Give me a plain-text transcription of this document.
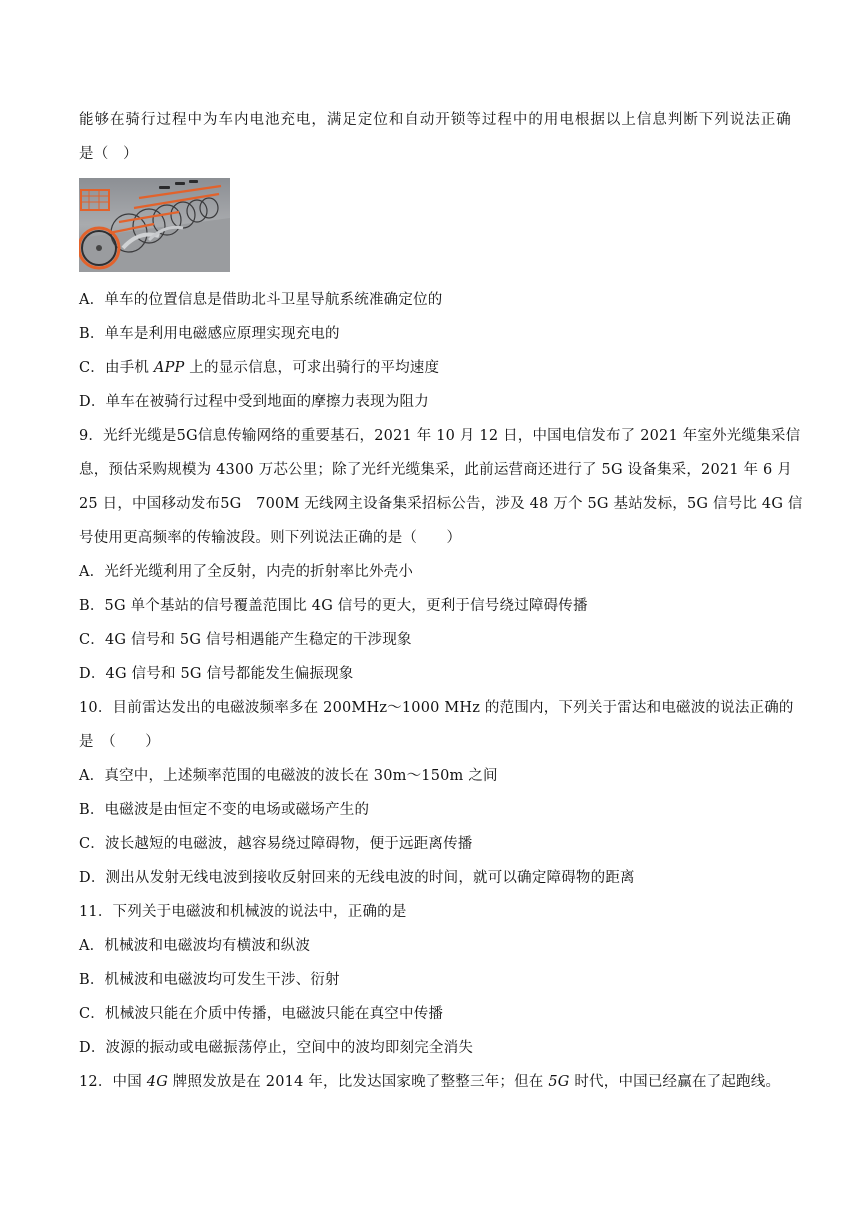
能够在骑行过程中为车内电池充电，满足定位和自动开锁等过程中的用电根据以上信息判断下列说法正确
是（　）
A．单车的位置信息是借助北斗卫星导航系统准确定位的
B．单车是利用电磁感应原理实现充电的
C．由手机 APP 上的显示信息，可求出骑行的平均速度
D．单车在被骑行过程中受到地面的摩擦力表现为阻力
9．光纤光缆是5G信息传输网络的重要基石，2021 年 10 月 12 日，中国电信发布了 2021 年室外光缆集采信
息，预估采购规模为 4300 万芯公里；除了光纤光缆集采，此前运营商还进行了 5G 设备集采，2021 年 6 月
25 日，中国移动发布5G　700M 无线网主设备集采招标公告，涉及 48 万个 5G 基站发标，5G 信号比 4G 信
号使用更高频率的传输波段。则下列说法正确的是（　　）
A．光纤光缆利用了全反射，内壳的折射率比外壳小
B．5G 单个基站的信号覆盖范围比 4G 信号的更大，更利于信号绕过障碍传播
C．4G 信号和 5G 信号相遇能产生稳定的干涉现象
D．4G 信号和 5G 信号都能发生偏振现象
10．目前雷达发出的电磁波频率多在 200MHz～1000 MHz 的范围内，下列关于雷达和电磁波的说法正确的
是　（　　）
A．真空中，上述频率范围的电磁波的波长在 30m～150m 之间
B．电磁波是由恒定不变的电场或磁场产生的
C．波长越短的电磁波，越容易绕过障碍物，便于远距离传播
D．测出从发射无线电波到接收反射回来的无线电波的时间，就可以确定障碍物的距离
11．下列关于电磁波和机械波的说法中，正确的是
A．机械波和电磁波均有横波和纵波
B．机械波和电磁波均可发生干涉、衍射
C．机械波只能在介质中传播，电磁波只能在真空中传播
D．波源的振动或电磁振荡停止，空间中的波均即刻完全消失
12．中国 4G 牌照发放是在 2014 年，比发达国家晚了整整三年；但在 5G 时代，中国已经赢在了起跑线。
